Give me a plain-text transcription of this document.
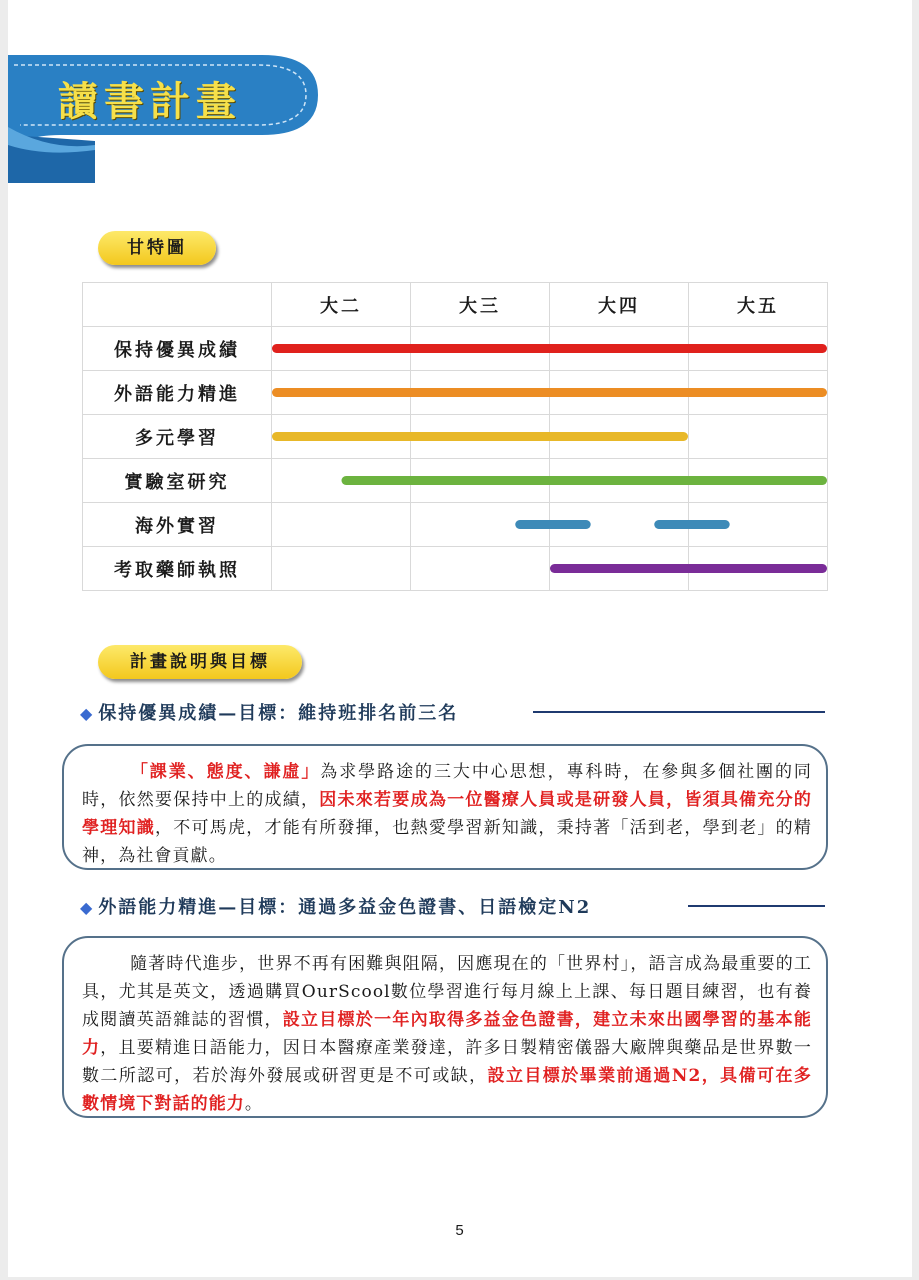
讀書計畫
甘特圖
	大二	大三	大四	大五
保持優異成績				
外語能力精進				
多元學習				
實驗室研究				
海外實習				
考取藥師執照				
計畫說明與目標
◆ 保持優異成績—目標：維持班排名前三名
「課業、態度、謙虛」為求學路途的三大中心思想，專科時，在參與多個社團的同時，依然要保持中上的成績，因未來若要成為一位醫療人員或是研發人員，皆須具備充分的學理知識，不可馬虎，才能有所發揮，也熱愛學習新知識，秉持著「活到老，學到老」的精神，為社會貢獻。
◆ 外語能力精進—目標：通過多益金色證書、日語檢定N2
隨著時代進步，世界不再有困難與阻隔，因應現在的「世界村」，語言成為最重要的工具，尤其是英文，透過購買OurScool數位學習進行每月線上上課、每日題目練習，也有養成閱讀英語雜誌的習慣，設立目標於一年內取得多益金色證書，建立未來出國學習的基本能力，且要精進日語能力，因日本醫療產業發達，許多日製精密儀器大廠牌與藥品是世界數一數二所認可，若於海外發展或研習更是不可或缺，設立目標於畢業前通過N2，具備可在多數情境下對話的能力。
5
